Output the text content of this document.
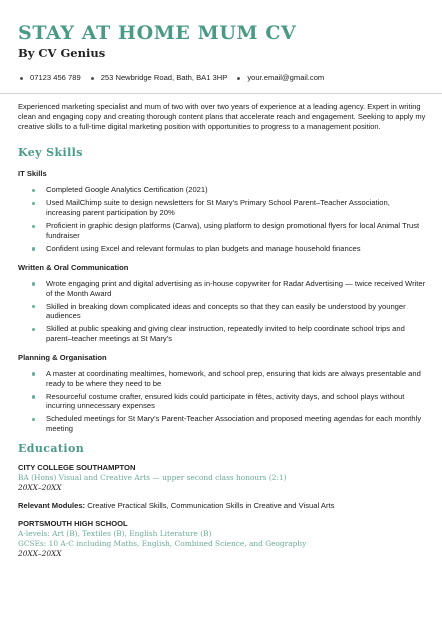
STAY AT HOME MUM CV
By CV Genius
07123 456 789	253 Newbridge Road, Bath, BA1 3HP	your.email@gmail.com

Experienced marketing specialist and mum of two with over two years of experience at a leading agency. Expert in writing clean and engaging copy and creating thorough content plans that accelerate reach and engagement. Seeking to apply my creative skills to a full-time digital marketing position with opportunities to progress to a management position.

Key Skills
IT Skills
Completed Google Analytics Certification (2021)
Used MailChimp suite to design newsletters for St Mary’s Primary School Parent–Teacher Association, increasing parent participation by 20%
Proficient in graphic design platforms (Canva), using platform to design promotional flyers for local Animal Trust fundraiser
Confident using Excel and relevant formulas to plan budgets and manage household finances
Written & Oral Communication
Wrote engaging print and digital advertising as in-house copywriter for Radar Advertising — twice received Writer of the Month Award
Skilled in breaking down complicated ideas and concepts so that they can easily be understood by younger audiences
Skilled at public speaking and giving clear instruction, repeatedly invited to help coordinate school trips and parent–teacher meetings at St Mary’s
Planning & Organisation
A master at coordinating mealtimes, homework, and school prep, ensuring that kids are always presentable and ready to be where they need to be
Resourceful costume crafter, ensured kids could participate in fêtes, activity days, and school plays without incurring unnecessary expenses
Scheduled meetings for St Mary’s Parent-Teacher Association and proposed meeting agendas for each monthly meeting
Education
CITY COLLEGE SOUTHAMPTON
BA (Hons) Visual and Creative Arts — upper second class honours (2:1)
20XX–20XX
Relevant Modules: Creative Practical Skills, Communication Skills in Creative and Visual Arts
PORTSMOUTH HIGH SCHOOL
A-levels: Art (B), Textiles (B), English Literature (B)
GCSEs: 10 A-C including Maths, English, Combined Science, and Geography
20XX–20XX
